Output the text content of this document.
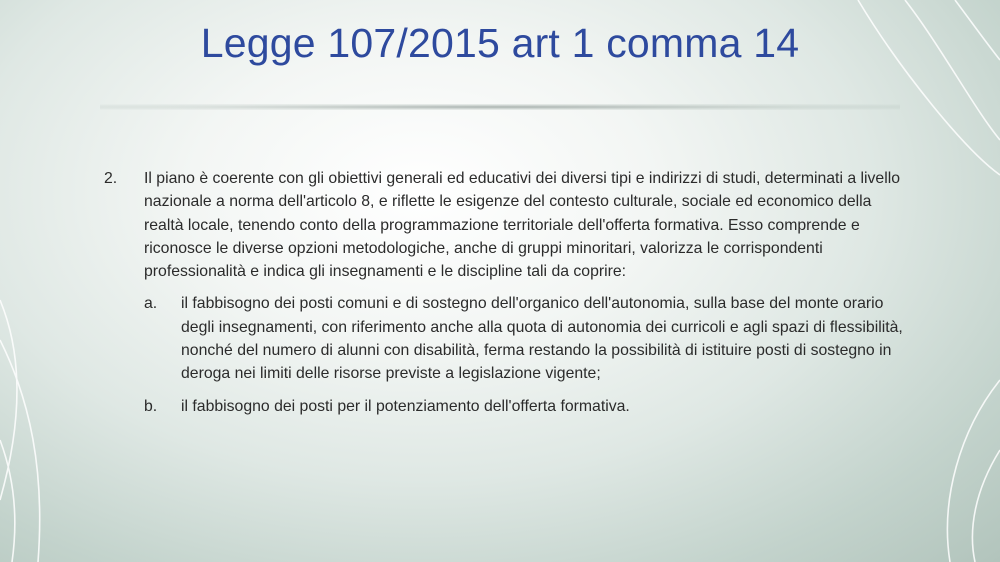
Legge 107/2015 art 1 comma 14
2.	Il piano è coerente con gli obiettivi generali ed educativi dei diversi tipi e indirizzi di studi, determinati a livello nazionale a norma dell'articolo 8, e riflette le esigenze del contesto culturale, sociale ed economico della realtà locale, tenendo conto della programmazione territoriale dell'offerta formativa. Esso comprende e riconosce le diverse opzioni metodologiche, anche di gruppi minoritari, valorizza le corrispondenti professionalità e indica gli insegnamenti e le discipline tali da coprire:
a.	il fabbisogno dei posti comuni e di sostegno dell'organico dell'autonomia, sulla base del monte orario degli insegnamenti, con riferimento anche alla quota di autonomia dei curricoli e agli spazi di flessibilità, nonché del numero di alunni con disabilità, ferma restando la possibilità di istituire posti di sostegno in deroga nei limiti delle risorse previste a legislazione vigente;
b.	il fabbisogno dei posti per il potenziamento dell'offerta formativa.
